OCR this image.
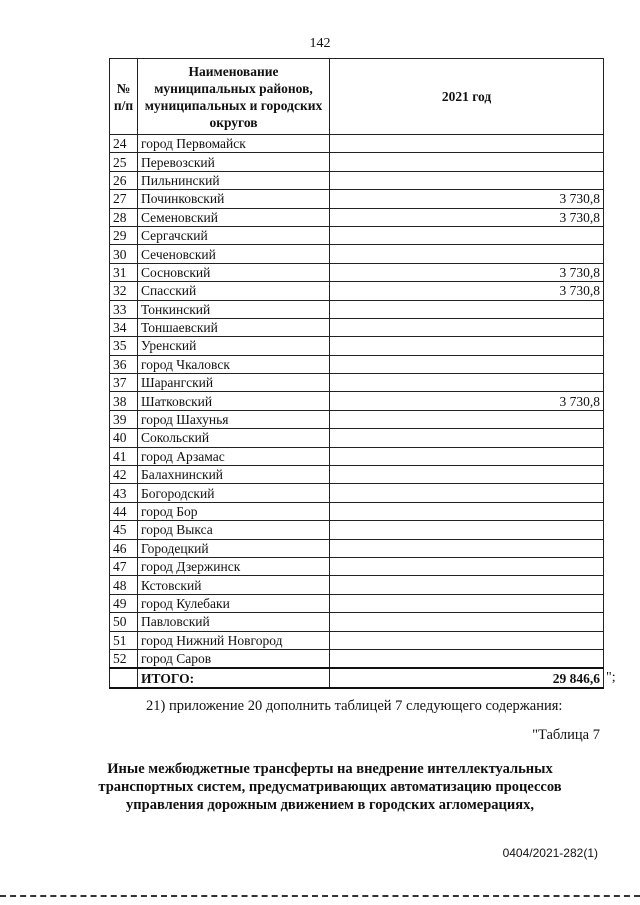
142
№ п/п	Наименование муниципальных районов, муниципальных и городских округов	2021 год
24	город Первомайск	
25	Перевозский	
26	Пильнинский	
27	Починковский	3 730,8
28	Семеновский	3 730,8
29	Сергачский	
30	Сеченовский	
31	Сосновский	3 730,8
32	Спасский	3 730,8
33	Тонкинский	
34	Тоншаевский	
35	Уренский	
36	город Чкаловск	
37	Шарангский	
38	Шатковский	3 730,8
39	город Шахунья	
40	Сокольский	
41	город Арзамас	
42	Балахнинский	
43	Богородский	
44	город Бор	
45	город Выкса	
46	Городецкий	
47	город Дзержинск	
48	Кстовский	
49	город Кулебаки	
50	Павловский	
51	город Нижний Новгород	
52	город Саров	
	ИТОГО:	29 846,6 ";
21) приложение 20 дополнить таблицей 7 следующего содержания:
"Таблица 7
Иные межбюджетные трансферты на внедрение интеллектуальных транспортных систем, предусматривающих автоматизацию процессов управления дорожным движением в городских агломерациях,
0404/2021-282(1)
